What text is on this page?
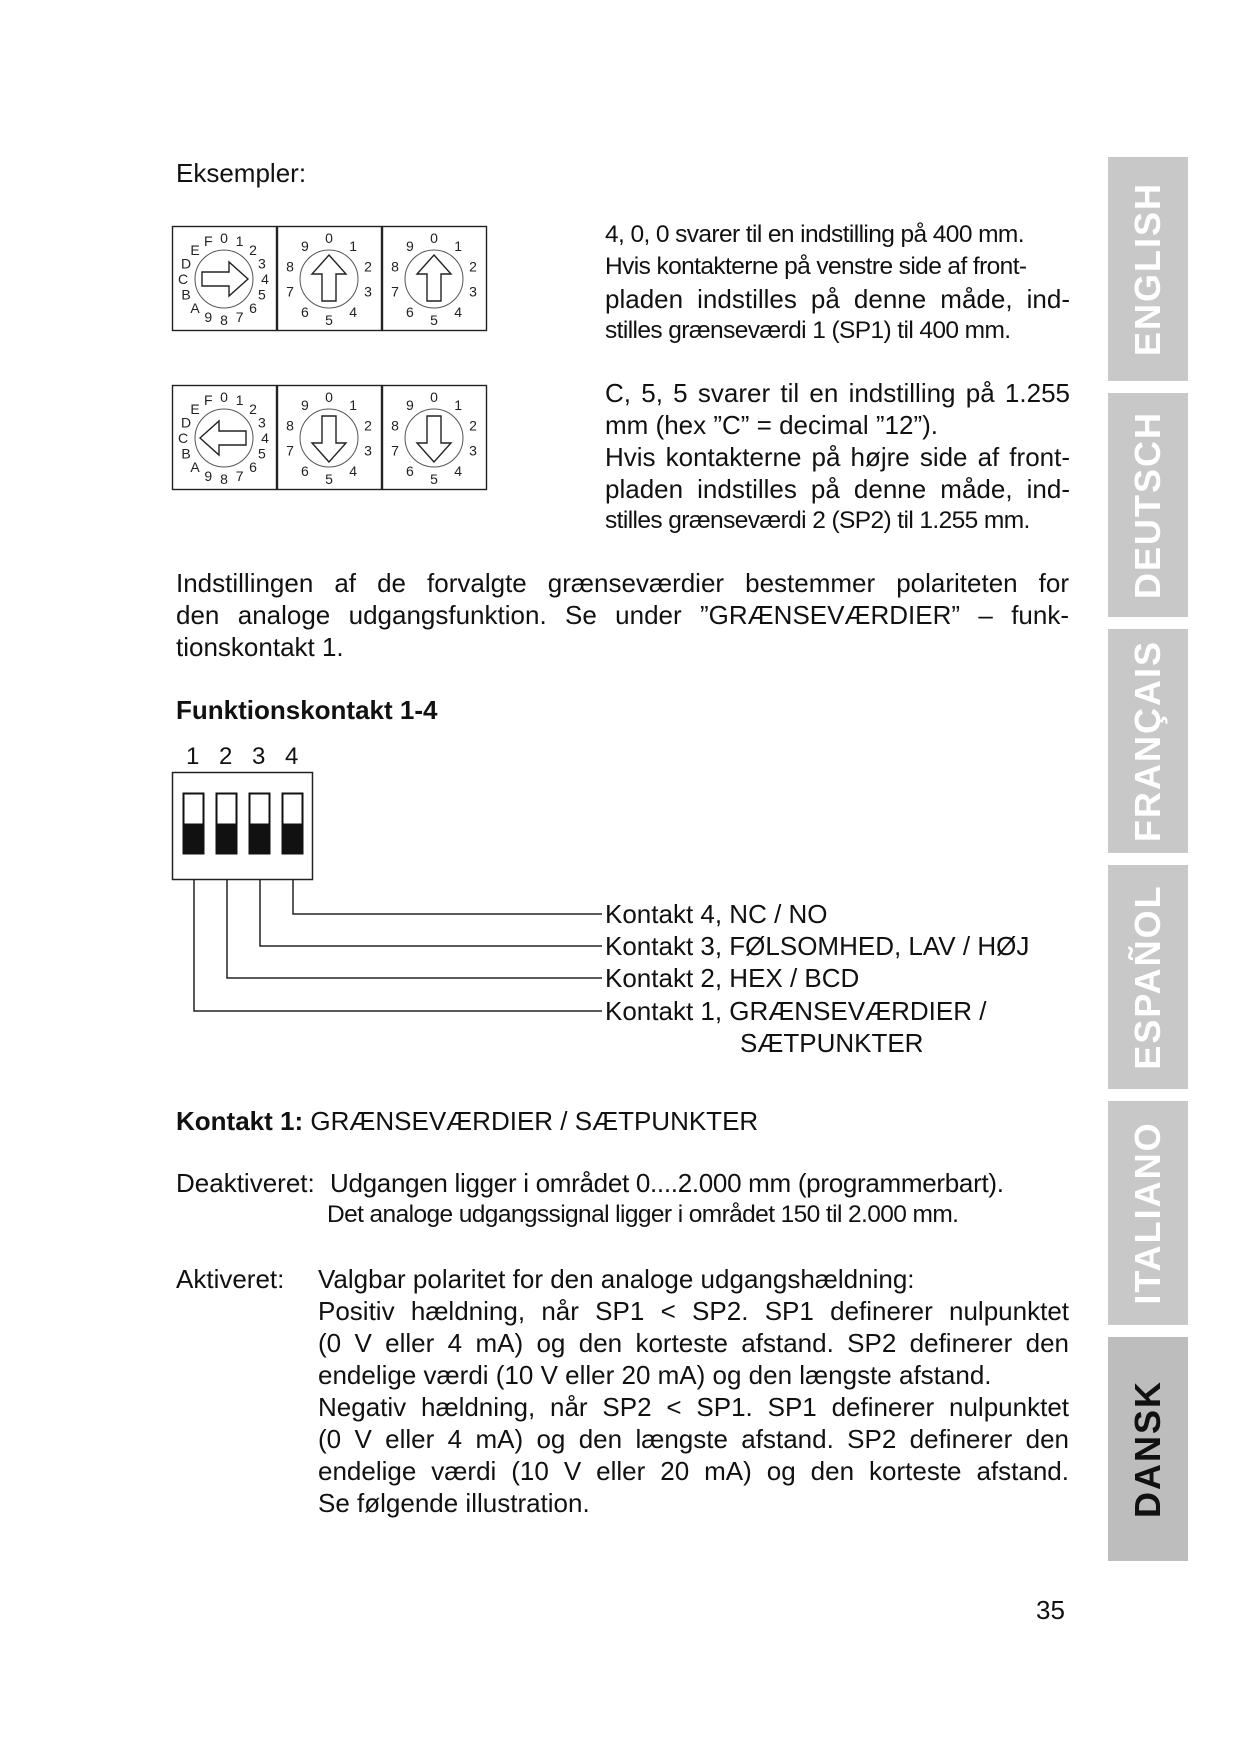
Eksempler:
0 1
2
3
4
5
6
7
8
9
A
B
C
D
E
F	0 1
2
3
4
5
6
7
8
9	0 1
2
3
4
5
6
7
8
9
0 1
2
3
4
5
6
7
8
9
A
B
C
D
E
F	0 1
2
3
4
5
6
7
8
9	0 1
2
3
4
5
6
7
8
9
4, 0, 0 svarer til en indstilling på 400 mm.
Hvis kontakterne på venstre side af front-
pladen indstilles på denne måde, ind-
stilles grænseværdi 1 (SP1) til 400 mm.
C, 5, 5 svarer til en indstilling på 1.255
mm (hex ”C” = decimal ”12”).
Hvis kontakterne på højre side af front-
pladen indstilles på denne måde, ind-
stilles grænseværdi 2 (SP2) til 1.255 mm.
Indstillingen af de forvalgte grænseværdier bestemmer polariteten for
den analoge udgangsfunktion. Se under ”GRÆNSEVÆRDIER” – funk-
tionskontakt 1.
Funktionskontakt 1-4
1 2 3 4
Kontakt 4, NC / NO
Kontakt 3, FØLSOMHED, LAV / HØJ
Kontakt 2, HEX / BCD
Kontakt 1, GRÆNSEVÆRDIER /
SÆTPUNKTER
Kontakt 1: GRÆNSEVÆRDIER / SÆTPUNKTER
Deaktiveret: Udgangen ligger i området 0....2.000 mm (programmerbart).
Det analoge udgangssignal ligger i området 150 til 2.000 mm.
Aktiveret: Valgbar polaritet for den analoge udgangshældning:
Positiv hældning, når SP1 < SP2. SP1 definerer nulpunktet
(0 V eller 4 mA) og den korteste afstand. SP2 definerer den
endelige værdi (10 V eller 20 mA) og den længste afstand.
Negativ hældning, når SP2 < SP1. SP1 definerer nulpunktet
(0 V eller 4 mA) og den længste afstand. SP2 definerer den
endelige værdi (10 V eller 20 mA) og den korteste afstand.
Se følgende illustration.
35
ENGLISH
DEUTSCH
FRANÇAIS
ESPAÑOL
ITALIANO
DANSK
